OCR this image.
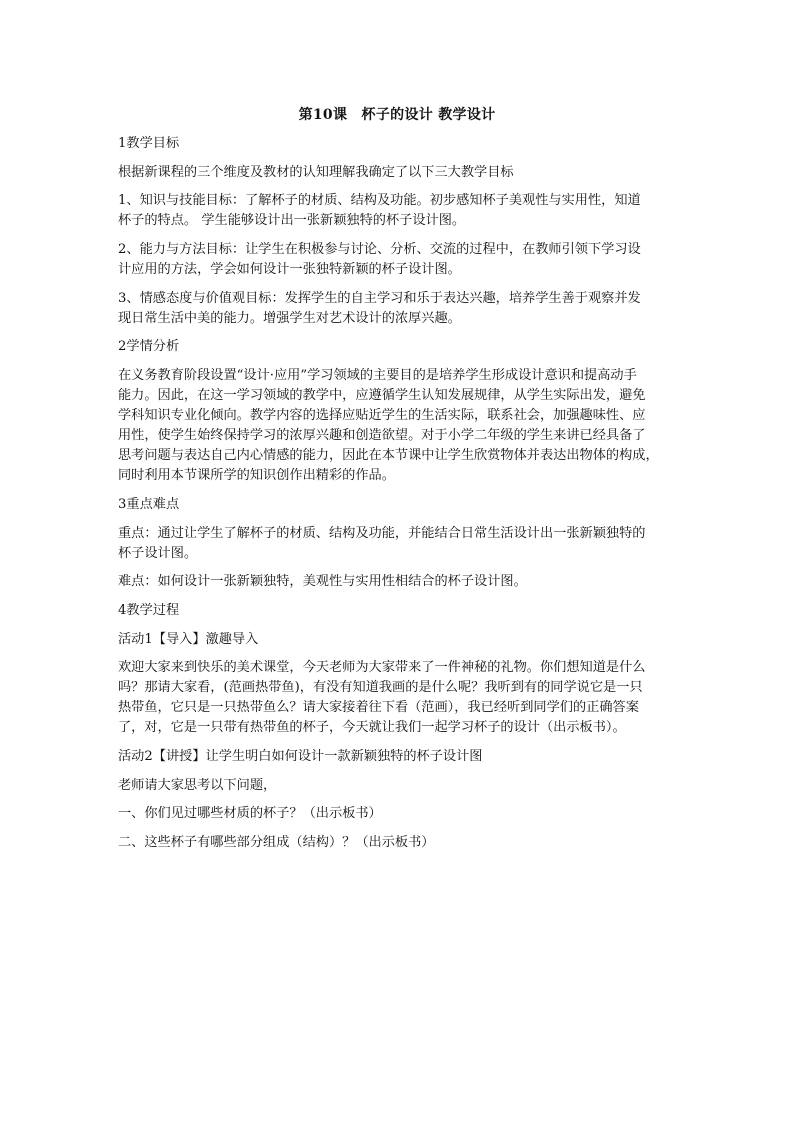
第10课　杯子的设计 教学设计

1教学目标

根据新课程的三个维度及教材的认知理解我确定了以下三大教学目标

1、知识与技能目标：了解杯子的材质、结构及功能。初步感知杯子美观性与实用性，知道

杯子的特点。 学生能够设计出一张新颖独特的杯子设计图。

2、能力与方法目标：让学生在积极参与讨论、分析、交流的过程中，在教师引领下学习设

计应用的方法，学会如何设计一张独特新颖的杯子设计图。

3、情感态度与价值观目标：发挥学生的自主学习和乐于表达兴趣，培养学生善于观察并发

现日常生活中美的能力。增强学生对艺术设计的浓厚兴趣。

2学情分析

在义务教育阶段设置“设计·应用”学习领域的主要目的是培养学生形成设计意识和提高动手

能力。因此，在这一学习领域的教学中，应遵循学生认知发展规律，从学生实际出发，避免

学科知识专业化倾向。教学内容的选择应贴近学生的生活实际，联系社会，加强趣味性、应

用性，使学生始终保持学习的浓厚兴趣和创造欲望。对于小学二年级的学生来讲已经具备了

思考问题与表达自己内心情感的能力，因此在本节课中让学生欣赏物体并表达出物体的构成，

同时利用本节课所学的知识创作出精彩的作品。

3重点难点

重点：通过让学生了解杯子的材质、结构及功能，并能结合日常生活设计出一张新颖独特的

杯子设计图。

难点：如何设计一张新颖独特，美观性与实用性相结合的杯子设计图。

4教学过程

活动1【导入】激趣导入

欢迎大家来到快乐的美术课堂，今天老师为大家带来了一件神秘的礼物。你们想知道是什么

吗？那请大家看，(范画热带鱼)，有没有知道我画的是什么呢？我听到有的同学说它是一只

热带鱼，它只是一只热带鱼么？请大家接着往下看（范画），我已经听到同学们的正确答案

了，对，它是一只带有热带鱼的杯子，今天就让我们一起学习杯子的设计（出示板书）。

活动2【讲授】让学生明白如何设计一款新颖独特的杯子设计图

老师请大家思考以下问题，

一、你们见过哪些材质的杯子？（出示板书）

二、这些杯子有哪些部分组成（结构）？（出示板书）
